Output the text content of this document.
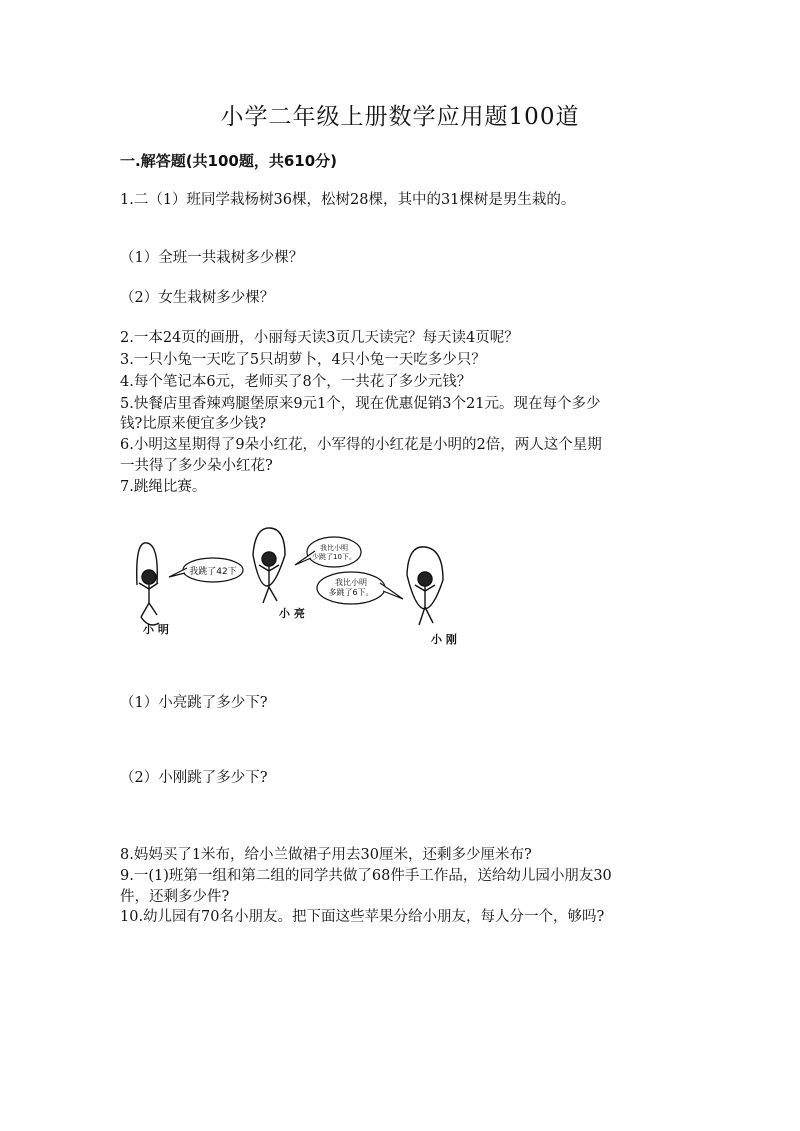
小学二年级上册数学应用题100道
一.解答题(共100题，共610分)
1.二（1）班同学栽杨树36棵，松树28棵，其中的31棵树是男生栽的。
（1）全班一共栽树多少棵？
（2）女生栽树多少棵？
2.一本24页的画册，小丽每天读3页几天读完？每天读4页呢？
3.一只小兔一天吃了5只胡萝卜，4只小兔一天吃多少只？
4.每个笔记本6元，老师买了8个，一共花了多少元钱？
5.快餐店里香辣鸡腿堡原来9元1个，现在优惠促销3个21元。现在每个多少
钱?比原来便宜多少钱?
6.小明这星期得了9朵小红花，小军得的小红花是小明的2倍，两人这个星期
一共得了多少朵小红花?
7.跳绳比赛。
我跳了42下
小 明
小 亮
我比小明
少跳了10下。
我比小明
多跳了6下。
小 刚
（1）小亮跳了多少下?
（2）小刚跳了多少下?
8.妈妈买了1米布，给小兰做裙子用去30厘米，还剩多少厘米布?
9.一(1)班第一组和第二组的同学共做了68件手工作品，送给幼儿园小朋友30
件，还剩多少件?
10.幼儿园有70名小朋友。把下面这些苹果分给小朋友，每人分一个，够吗?
